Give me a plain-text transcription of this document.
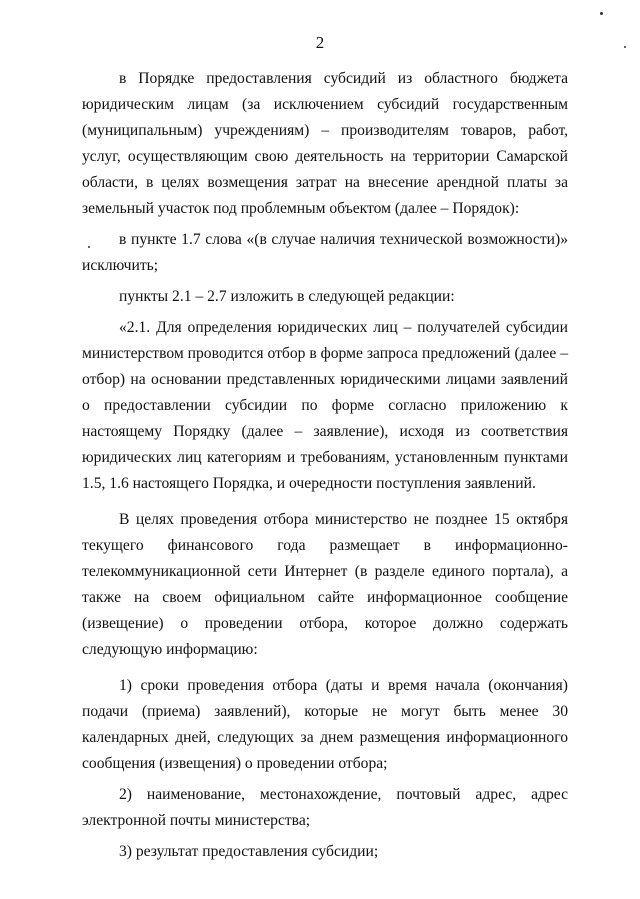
2

в Порядке предоставления субсидий из областного бюджета юридическим лицам (за исключением субсидий государственным (муниципальным) учреждениям) – производителям товаров, работ, услуг, осуществляющим свою деятельность на территории Самарской области, в целях возмещения затрат на внесение арендной платы за земельный участок под проблемным объектом (далее – Порядок):

в пункте 1.7 слова «(в случае наличия технической возможности)» исключить;

пункты 2.1 – 2.7 изложить в следующей редакции:

«2.1. Для определения юридических лиц – получателей субсидии министерством проводится отбор в форме запроса предложений (далее – отбор) на основании представленных юридическими лицами заявлений о предоставлении субсидии по форме согласно приложению к настоящему Порядку (далее – заявление), исходя из соответствия юридических лиц категориям и требованиям, установленным пунктами 1.5, 1.6 настоящего Порядка, и очередности поступления заявлений.

В целях проведения отбора министерство не позднее 15 октября текущего финансового года размещает в информационно-телекоммуникационной сети Интернет (в разделе единого портала), а также на своем официальном сайте информационное сообщение (извещение) о проведении отбора, которое должно содержать следующую информацию:

1) сроки проведения отбора (даты и время начала (окончания) подачи (приема) заявлений), которые не могут быть менее 30 календарных дней, следующих за днем размещения информационного сообщения (извещения) о проведении отбора;

2) наименование, местонахождение, почтовый адрес, адрес электронной почты министерства;

3) результат предоставления субсидии;
